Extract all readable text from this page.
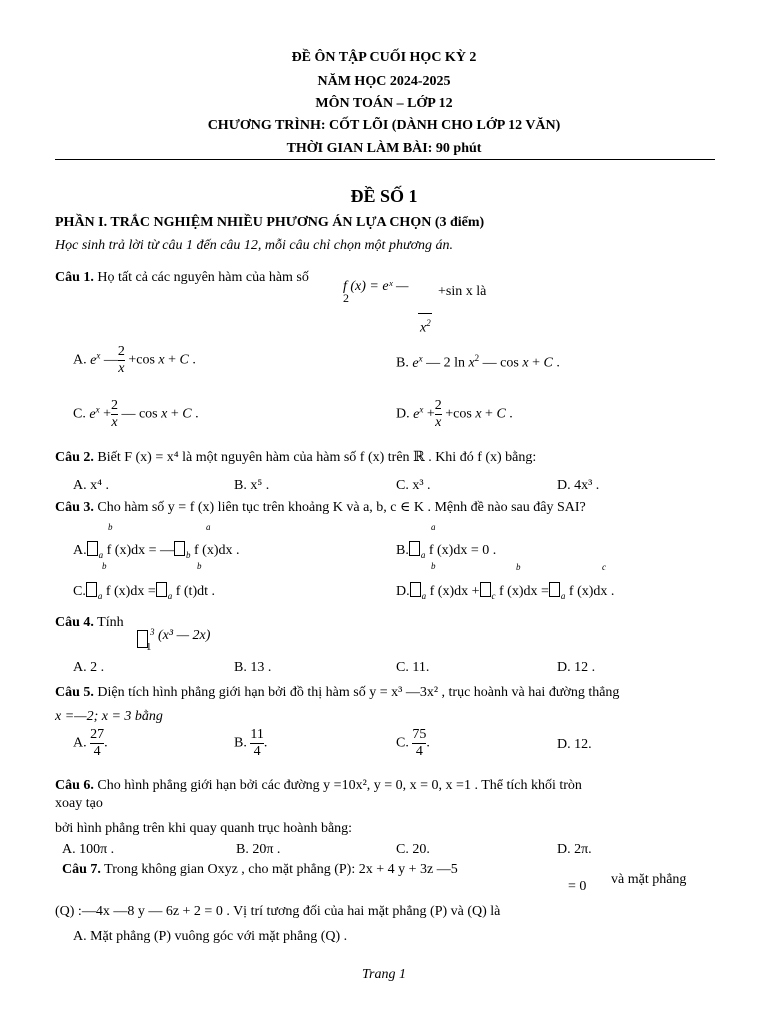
ĐỀ ÔN TẬP CUỐI HỌC KỲ 2
NĂM HỌC 2024-2025
MÔN TOÁN – LỚP 12
CHƯƠNG TRÌNH: CỐT LÕI (DÀNH CHO LỚP 12 VĂN)
THỜI GIAN LÀM BÀI: 90 phút
ĐỀ SỐ 1
PHẦN I. TRẮC NGHIỆM NHIỀU PHƯƠNG ÁN LỰA CHỌN (3 điểm)
Học sinh trả lời từ câu 1 đến câu 12, mỗi câu chỉ chọn một phương án.
Câu 1. Họ tất cả các nguyên hàm của hàm số
f (x) = eˣ —
2	+sin x là
$x^2$
A. $e^x$ — $\frac{2}{x} +\cos$ x + C .	B. $e^x$ — 2 $\ln x^2$ — cos x + C .
C. $e^x + \frac{2}{x}$ — cos x + C .	D. $e^x + \frac{2}{x} +\cos$ x + C .
Câu 2. Biết F (x) = x⁴ là một nguyên hàm của hàm số f (x) trên ℝ . Khi đó f (x) bằng:
A. x⁴ .	B. x⁵ .	C. x³ .	D. 4x³ .
Câu 3. Cho hàm số y = f (x) liên tục trên khoảng K và a, b, c ∈ K . Mệnh đề nào sau đây SAI?
b	a
A. $_a$ f (x)dx = — $_b$ f (x)dx .
b	b
a
B. $_a$ f (x)dx = 0 .
b
C. $_a$ f (x)dx = $_a$ f (t)dt .
b	c
D. $_a$ f (x)dx + $_c$ f (x)dx = $_a$ f (x)dx .
Câu 4. Tính
3
1
(x³ — 2x)
A. 2 .	B. 13 .	C. 11.	D. 12 .
Câu 5. Diện tích hình phẳng giới hạn bởi đồ thị hàm số y = x³ —3x² , trục hoành và hai đường thẳng
x =—2; x = 3 bằng
A. $\frac{27}{4}$ .	B. $\frac{11}{4}$ .	C. $\frac{75}{4}$ .	D. 12.
Câu 6. Cho hình phẳng giới hạn bởi các đường y =10x², y = 0, x = 0, x =1 . Thể tích khối tròn
xoay tạo
bởi hình phẳng trên khi quay quanh trục hoành bằng:
A. 100π .	B. 20π .	C. 20.	D. 2π.
Câu 7. Trong không gian Oxyz , cho mặt phẳng (P): 2x + 4 y + 3z —5
= 0 và mặt phẳng
(Q) :—4x —8 y — 6z + 2 = 0 . Vị trí tương đối của hai mặt phẳng (P) và (Q) là
A. Mặt phẳng (P) vuông góc với mặt phẳng (Q) .
Trang 1
